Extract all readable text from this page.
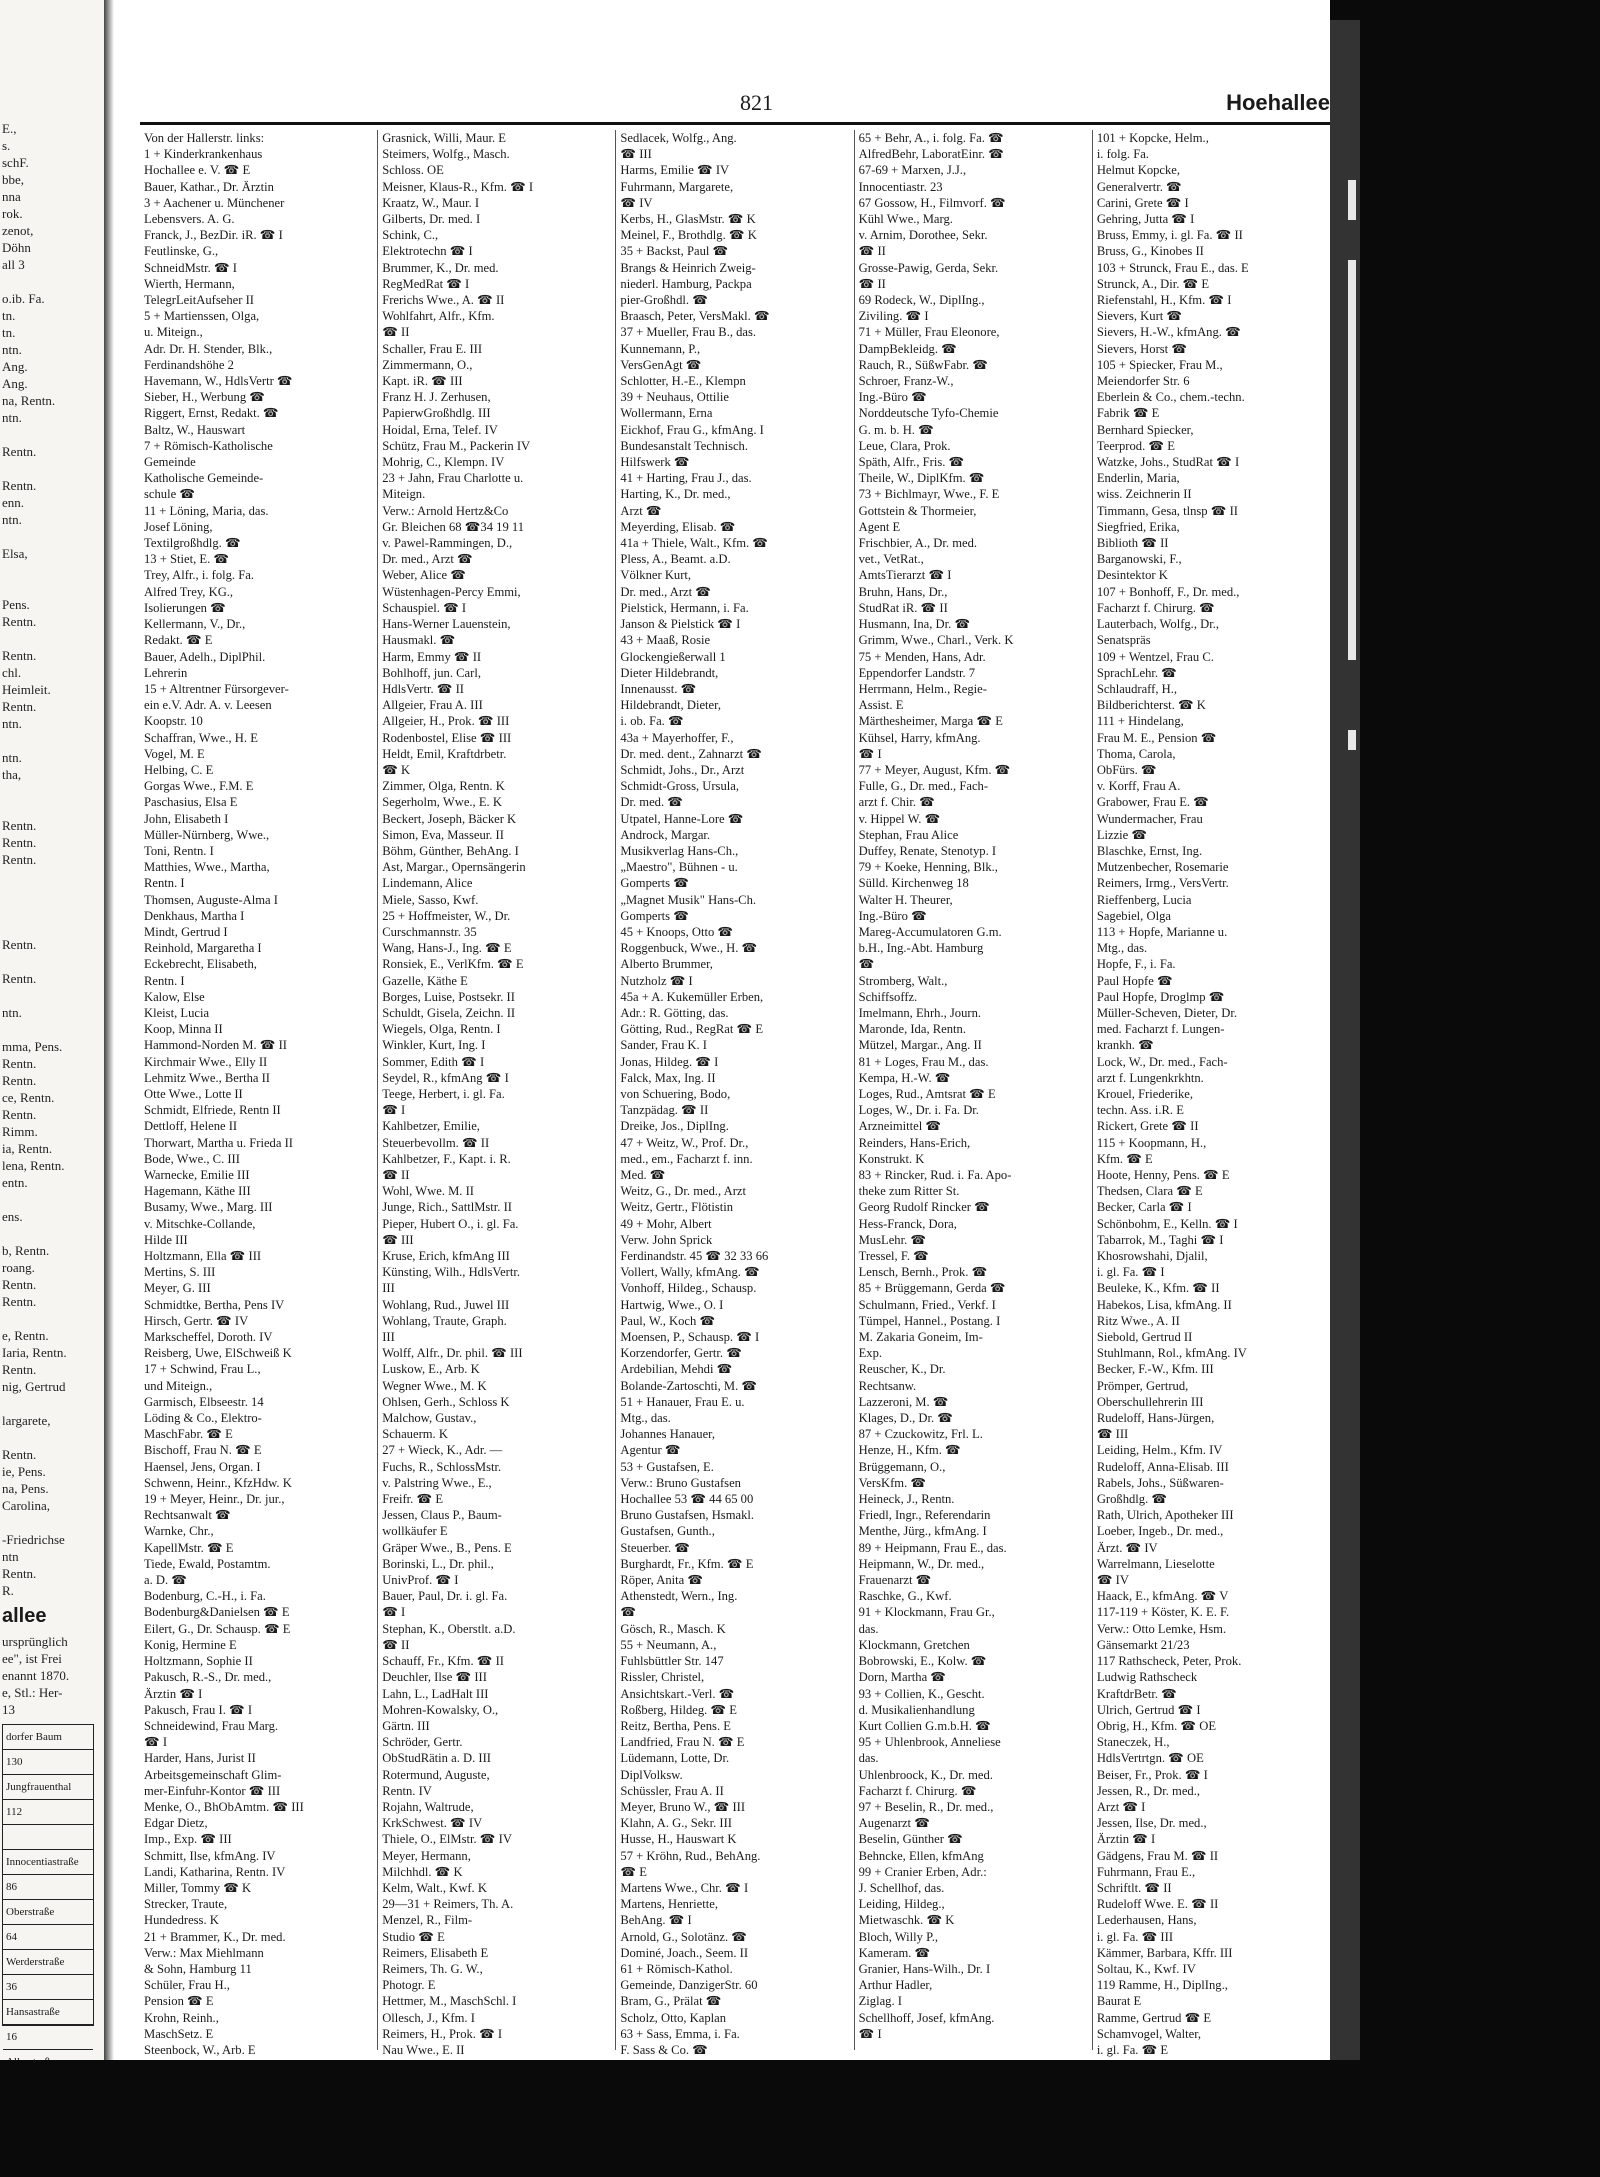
E.,
s.
schF.
bbe,
nna
rok.
zenot,
Döhn
all 3

o.ib. Fa.
tn.
tn.
ntn.
Ang.
Ang.
na, Rentn.
ntn.

Rentn.

Rentn.
enn.
ntn.

Elsa,

Pens.
Rentn.

Rentn.
chl.
Heimleit.
Rentn.
ntn.

ntn.
tha,

Rentn.
Rentn.
Rentn.

Rentn.

Rentn.

ntn.

mma, Pens.
Rentn.
Rentn.
ce, Rentn.
Rentn.
Rimm.
ia, Rentn.
lena, Rentn.
entn.

ens.

b, Rentn.
roang.
Rentn.
Rentn.

e, Rentn.
Iaria, Rentn.
Rentn.
nig, Gertrud

largarete,

Rentn.
ie, Pens.
na, Pens.
Carolina,

-Friedrichse
ntn
Rentn.
R.
allee
ursprünglich
ee", ist Frei
enannt 1870.
e, Stl.: Her-
13
dorfer Baum
130
Jungfrauenthal
112
Innocentiastraße
86
Oberstraße
64
Werderstraße
36
Hansastraße
16
821	Hoehallee
Von der Hallerstr. links:
1 + Kinderkrankenhaus
Hochallee e. V. ☎ E
Bauer, Kathar., Dr. Ärztin
3 + Aachener u. Münchener
Lebensvers. A. G.
Franck, J., BezDir. iR. ☎ I
Feutlinske, G.,
SchneidMstr. ☎ I
Wierth, Hermann,
TelegrLeitAufseher II
5 + Martienssen, Olga,
u. Miteign.,
Adr. Dr. H. Stender, Blk.,
Ferdinandshöhe 2
Havemann, W., HdlsVertr ☎
Sieber, H., Werbung ☎
Riggert, Ernst, Redakt. ☎
Baltz, W., Hauswart
7 + Römisch-Katholische
Gemeinde
Katholische Gemeinde-
schule ☎
11 + Löning, Maria, das.
Josef Löning,
Textilgroßhdlg. ☎
13 + Stiet, E. ☎
Trey, Alfr., i. folg. Fa.
Alfred Trey, KG.,
Isolierungen ☎
Kellermann, V., Dr.,
Redakt. ☎ E
Bauer, Adelh., DiplPhil.
Lehrerin
15 + Altrentner Fürsorgever-
ein e.V. Adr. A. v. Leesen
Koopstr. 10
Schaffran, Wwe., H. E
Vogel, M. E
Helbing, C. E
Gorgas Wwe., F.M. E
Paschasius, Elsa E
John, Elisabeth I
Müller-Nürnberg, Wwe.,
Toni, Rentn. I
Matthies, Wwe., Martha,
Rentn. I
Thomsen, Auguste-Alma I
Denkhaus, Martha I
Mindt, Gertrud I
Reinhold, Margaretha I
Eckebrecht, Elisabeth,
Rentn. I
Kalow, Else
Kleist, Lucia
Koop, Minna II
Hammond-Norden M. ☎ II
Kirchmair Wwe., Elly II
Lehmitz Wwe., Bertha II
Otte Wwe., Lotte II
Schmidt, Elfriede, Rentn II
Dettloff, Helene II
Thorwart, Martha u. Frieda II
Bode, Wwe., C. III
Warnecke, Emilie III
Hagemann, Käthe III
Busamy, Wwe., Marg. III
v. Mitschke-Collande,
Hilde III
Holtzmann, Ella ☎ III
Mertins, S. III
Meyer, G. III
Schmidtke, Bertha, Pens IV
Hirsch, Gertr. ☎ IV
Markscheffel, Doroth. IV
Reisberg, Uwe, ElSchweiß K
17 + Schwind, Frau L.,
und Miteign.,
Garmisch, Elbseestr. 14
Löding & Co., Elektro-
MaschFabr. ☎ E
Bischoff, Frau N. ☎ E
Haensel, Jens, Organ. I
Schwenn, Heinr., KfzHdw. K
19 + Meyer, Heinr., Dr. jur.,
Rechtsanwalt ☎
Warnke, Chr.,
KapellMstr. ☎ E
Tiede, Ewald, Postamtm.
a. D. ☎
Bodenburg, C.-H., i. Fa.
Bodenburg&Danielsen ☎ E
Eilert, G., Dr. Schausp. ☎ E
Konig, Hermine E
Holtzmann, Sophie II
Pakusch, R.-S., Dr. med.,
Ärztin ☎ I
Pakusch, Frau I. ☎ I
Schneidewind, Frau Marg.
☎ I
Harder, Hans, Jurist II
Arbeitsgemeinschaft Glim-
mer-Einfuhr-Kontor ☎ III
Menke, O., BhObAmtm. ☎ III
Edgar Dietz,
Imp., Exp. ☎ III
Schmitt, Ilse, kfmAng. IV
Landi, Katharina, Rentn. IV
Miller, Tommy ☎ K
Strecker, Traute,
Hundedress. K
21 + Brammer, K., Dr. med.
Verw.: Max Miehlmann
& Sohn, Hamburg 11
Schüler, Frau H.,
Pension ☎ E
Krohn, Reinh.,
MaschSetz. E
Steenbock, W., Arb. E
Grasnick, Willi, Maur. E
Steimers, Wolfg., Masch.
Schloss. OE
Meisner, Klaus-R., Kfm. ☎ I
Kraatz, W., Maur. I
Gilberts, Dr. med. I
Schink, C.,
Elektrotechn ☎ I
Brummer, K., Dr. med.
RegMedRat ☎ I
Frerichs Wwe., A. ☎ II
Wohlfahrt, Alfr., Kfm.
☎ II
Schaller, Frau E. III
Zimmermann, O.,
Kapt. iR. ☎ III
Franz H. J. Zerhusen,
PapierwGroßhdlg. III
Hoidal, Erna, Telef. IV
Schütz, Frau M., Packerin IV
Mohrig, C., Klempn. IV
23 + Jahn, Frau Charlotte u.
Miteign.
Verw.: Arnold Hertz&Co
Gr. Bleichen 68 ☎34 19 11
v. Pawel-Rammingen, D.,
Dr. med., Arzt ☎
Weber, Alice ☎
Wüstenhagen-Percy Emmi,
Schauspiel. ☎ I
Hans-Werner Lauenstein,
Hausmakl. ☎
Harm, Emmy ☎ II
Bohlhoff, jun. Carl,
HdlsVertr. ☎ II
Allgeier, Frau A. III
Allgeier, H., Prok. ☎ III
Rodenbostel, Elise ☎ III
Heldt, Emil, Kraftdrbetr.
☎ K
Zimmer, Olga, Rentn. K
Segerholm, Wwe., E. K
Beckert, Joseph, Bäcker K
Simon, Eva, Masseur. II
Böhm, Günther, BehAng. I
Ast, Margar., Opernsängerin
Lindemann, Alice
Miele, Sasso, Kwf.
25 + Hoffmeister, W., Dr.
Curschmannstr. 35
Wang, Hans-J., Ing. ☎ E
Ronsiek, E., VerlKfm. ☎ E
Gazelle, Käthe E
Borges, Luise, Postsekr. II
Schuldt, Gisela, Zeichn. II
Wiegels, Olga, Rentn. I
Winkler, Kurt, Ing. I
Sommer, Edith ☎ I
Seydel, R., kfmAng ☎ I
Teege, Herbert, i. gl. Fa.
☎ I
Kahlbetzer, Emilie,
Steuerbevollm. ☎ II
Kahlbetzer, F., Kapt. i. R.
☎ II
Wohl, Wwe. M. II
Junge, Rich., SattlMstr. II
Pieper, Hubert O., i. gl. Fa.
☎ III
Kruse, Erich, kfmAng III
Künsting, Wilh., HdlsVertr.
III
Wohlang, Rud., Juwel III
Wohlang, Traute, Graph.
III
Wolff, Alfr., Dr. phil. ☎ III
Luskow, E., Arb. K
Wegner Wwe., M. K
Ohlsen, Gerh., Schloss K
Malchow, Gustav.,
Schauerm. K
27 + Wieck, K., Adr. —
Fuchs, R., SchlossMstr.
v. Palstring Wwe., E.,
Freifr. ☎ E
Jessen, Claus P., Baum-
wollkäufer E
Gräper Wwe., B., Pens. E
Borinski, L., Dr. phil.,
UnivProf. ☎ I
Bauer, Paul, Dr. i. gl. Fa.
☎ I
Stephan, K., Oberstlt. a.D.
☎ II
Schauff, Fr., Kfm. ☎ II
Deuchler, Ilse ☎ III
Lahn, L., LadHalt III
Mohren-Kowalsky, O.,
Gärtn. III
Schröder, Gertr.
ObStudRätin a. D. III
Rotermund, Auguste,
Rentn. IV
Rojahn, Waltrude,
KrkSchwest. ☎ IV
Thiele, O., ElMstr. ☎ IV
Meyer, Hermann,
Milchhdl. ☎ K
Kelm, Walt., Kwf. K
29—31 + Reimers, Th. A.
Menzel, R., Film-
Studio ☎ E
Reimers, Elisabeth E
Reimers, Th. G. W.,
Photogr. E
Hettmer, M., MaschSchl. I
Ollesch, J., Kfm. I
Reimers, H., Prok. ☎ I
Nau Wwe., E. II
Sedlacek, Wolfg., Ang.
☎ III
Harms, Emilie ☎ IV
Fuhrmann, Margarete,
☎ IV
Kerbs, H., GlasMstr. ☎ K
Meinel, F., Brothdlg. ☎ K
35 + Backst, Paul ☎
Brangs & Heinrich Zweig-
niederl. Hamburg, Packpa
pier-Großhdl. ☎
Braasch, Peter, VersMakl. ☎
37 + Mueller, Frau B., das.
Kunnemann, P.,
VersGenAgt ☎
Schlotter, H.-E., Klempn
39 + Neuhaus, Ottilie
Wollermann, Erna
Eickhof, Frau G., kfmAng. I
Bundesanstalt Technisch.
Hilfswerk ☎
41 + Harting, Frau J., das.
Harting, K., Dr. med.,
Arzt ☎
Meyerding, Elisab. ☎
41a + Thiele, Walt., Kfm. ☎
Pless, A., Beamt. a.D.
Völkner Kurt,
Dr. med., Arzt ☎
Pielstick, Hermann, i. Fa.
Janson & Pielstick ☎ I
43 + Maaß, Rosie
Glockengießerwall 1
Dieter Hildebrandt,
Innenausst. ☎
Hildebrandt, Dieter,
i. ob. Fa. ☎
43a + Mayerhoffer, F.,
Dr. med. dent., Zahnarzt ☎
Schmidt, Johs., Dr., Arzt
Schmidt-Gross, Ursula,
Dr. med. ☎
Utpatel, Hanne-Lore ☎
Androck, Margar.
Musikverlag Hans-Ch.,
„Maestro", Bühnen - u.
Gomperts ☎
„Magnet Musik" Hans-Ch.
Gomperts ☎
45 + Knoops, Otto ☎
Roggenbuck, Wwe., H. ☎
Alberto Brummer,
Nutzholz ☎ I
45a + A. Kukemüller Erben,
Adr.: R. Götting, das.
Götting, Rud., RegRat ☎ E
Sander, Frau K. I
Jonas, Hildeg. ☎ I
Falck, Max, Ing. II
von Schuering, Bodo,
Tanzpädag. ☎ II
Dreike, Jos., DiplIng.
47 + Weitz, W., Prof. Dr.,
med., em., Facharzt f. inn.
Med. ☎
Weitz, G., Dr. med., Arzt
Weitz, Gertr., Flötistin
49 + Mohr, Albert
Verw. John Sprick
Ferdinandstr. 45 ☎ 32 33 66
Vollert, Wally, kfmAng. ☎
Vonhoff, Hildeg., Schausp.
Hartwig, Wwe., O. I
Paul, W., Koch ☎
Moensen, P., Schausp. ☎ I
Korzendorfer, Gertr. ☎
Ardebilian, Mehdi ☎
Bolande-Zartoschti, M. ☎
51 + Hanauer, Frau E. u.
Mtg., das.
Johannes Hanauer,
Agentur ☎
53 + Gustafsen, E.
Verw.: Bruno Gustafsen
Hochallee 53 ☎ 44 65 00
Bruno Gustafsen, Hsmakl.
Gustafsen, Gunth.,
Steuerber. ☎
Burghardt, Fr., Kfm. ☎ E
Röper, Anita ☎
Athenstedt, Wern., Ing.
☎
Gösch, R., Masch. K
55 + Neumann, A.,
Fuhlsbüttler Str. 147
Rissler, Christel,
Ansichtskart.-Verl. ☎
Roßberg, Hildeg. ☎ E
Reitz, Bertha, Pens. E
Landfried, Frau N. ☎ E
Lüdemann, Lotte, Dr.
DiplVolksw.
Schüssler, Frau A. II
Meyer, Bruno W., ☎ III
Klahn, A. G., Sekr. III
Husse, H., Hauswart K
57 + Kröhn, Rud., BehAng.
☎ E
Martens Wwe., Chr. ☎ I
Martens, Henriette,
BehAng. ☎ I
Arnold, G., Solotänz. ☎
Dominé, Joach., Seem. II
61 + Römisch-Kathol.
Gemeinde, DanzigerStr. 60
Bram, G., Prälat ☎
Scholz, Otto, Kaplan
63 + Sass, Emma, i. Fa.
F. Sass & Co. ☎
65 + Behr, A., i. folg. Fa. ☎
AlfredBehr, LaboratEinr. ☎
67-69 + Marxen, J.J.,
Innocentiastr. 23
67 Gossow, H., Filmvorf. ☎
Kühl Wwe., Marg.
v. Arnim, Dorothee, Sekr.
☎ II
Grosse-Pawig, Gerda, Sekr.
☎ II
69 Rodeck, W., DiplIng.,
Ziviling. ☎ I
71 + Müller, Frau Eleonore,
DampBekleidg. ☎
Rauch, R., SüßwFabr. ☎
Schroer, Franz-W.,
Ing.-Büro ☎
Norddeutsche Tyfo-Chemie
G. m. b. H. ☎
Leue, Clara, Prok.
Späth, Alfr., Fris. ☎
Theile, W., DiplKfm. ☎
73 + Bichlmayr, Wwe., F. E
Gottstein & Thormeier,
Agent E
Frischbier, A., Dr. med.
vet., VetRat.,
AmtsTierarzt ☎ I
Bruhn, Hans, Dr.,
StudRat iR. ☎ II
Husmann, Ina, Dr. ☎
Grimm, Wwe., Charl., Verk. K
75 + Menden, Hans, Adr.
Eppendorfer Landstr. 7
Herrmann, Helm., Regie-
Assist. E
Märthesheimer, Marga ☎ E
Kühsel, Harry, kfmAng.
☎ I
77 + Meyer, August, Kfm. ☎
Fulle, G., Dr. med., Fach-
arzt f. Chir. ☎
v. Hippel W. ☎
Stephan, Frau Alice
Duffey, Renate, Stenotyp. I
79 + Koeke, Henning, Blk.,
Sülld. Kirchenweg 18
Walter H. Theurer,
Ing.-Büro ☎
Mareg-Accumulatoren G.m.
b.H., Ing.-Abt. Hamburg
☎
Stromberg, Walt.,
Schiffsoffz.
Imelmann, Ehrh., Journ.
Maronde, Ida, Rentn.
Mützel, Margar., Ang. II
81 + Loges, Frau M., das.
Kempa, H.-W. ☎
Loges, Rud., Amtsrat ☎ E
Loges, W., Dr. i. Fa. Dr.
Arzneimittel ☎
Reinders, Hans-Erich,
Konstrukt. K
83 + Rincker, Rud. i. Fa. Apo-
theke zum Ritter St.
Georg Rudolf Rincker ☎
Hess-Franck, Dora,
MusLehr. ☎
Tressel, F. ☎
Lensch, Bernh., Prok. ☎
85 + Brüggemann, Gerda ☎
Schulmann, Fried., Verkf. I
Tümpel, Hannel., Postang. I
M. Zakaria Goneim, Im-
Exp.
Reuscher, K., Dr.
Rechtsanw.
Lazzeroni, M. ☎
Klages, D., Dr. ☎
87 + Czuckowitz, Frl. L.
Henze, H., Kfm. ☎
Brüggemann, O.,
VersKfm. ☎
Heineck, J., Rentn.
Friedl, Ingr., Referendarin
Menthe, Jürg., kfmAng. I
89 + Heipmann, Frau E., das.
Heipmann, W., Dr. med.,
Frauenarzt ☎
Raschke, G., Kwf.
91 + Klockmann, Frau Gr.,
das.
Klockmann, Gretchen
Bobrowski, E., Kolw. ☎
Dorn, Martha ☎
93 + Collien, K., Gescht.
d. Musikalienhandlung
Kurt Collien G.m.b.H. ☎
95 + Uhlenbrook, Anneliese
das.
Uhlenbroock, K., Dr. med.
Facharzt f. Chirurg. ☎
97 + Beselin, R., Dr. med.,
Augenarzt ☎
Beselin, Günther ☎
Behncke, Ellen, kfmAng
99 + Cranier Erben, Adr.:
J. Schellhof, das.
Leiding, Hildeg.,
Mietwaschk. ☎ K
Bloch, Willy P.,
Kameram. ☎
Granier, Hans-Wilh., Dr. I
Arthur Hadler,
Ziglag. I
Schellhoff, Josef, kfmAng.
☎ I
101 + Kopcke, Helm.,
i. folg. Fa.
Helmut Kopcke,
Generalvertr. ☎
Carini, Grete ☎ I
Gehring, Jutta ☎ I
Bruss, Emmy, i. gl. Fa. ☎ II
Bruss, G., Kinobes II
103 + Strunck, Frau E., das. E
Strunck, A., Dir. ☎ E
Riefenstahl, H., Kfm. ☎ I
Sievers, Kurt ☎
Sievers, H.-W., kfmAng. ☎
Sievers, Horst ☎
105 + Spiecker, Frau M.,
Meiendorfer Str. 6
Eberlein & Co., chem.-techn.
Fabrik ☎ E
Bernhard Spiecker,
Teerprod. ☎ E
Watzke, Johs., StudRat ☎ I
Enderlin, Maria,
wiss. Zeichnerin II
Timmann, Gesa, tlnsp ☎ II
Siegfried, Erika,
Biblioth ☎ II
Barganowski, F.,
Desintektor K
107 + Bonhoff, F., Dr. med.,
Facharzt f. Chirurg. ☎
Lauterbach, Wolfg., Dr.,
Senatspräs
109 + Wentzel, Frau C.
SprachLehr. ☎
Schlaudraff, H.,
Bildberichterst. ☎ K
111 + Hindelang,
Frau M. E., Pension ☎
Thoma, Carola,
ObFürs. ☎
v. Korff, Frau A.
Grabower, Frau E. ☎
Wundermacher, Frau
Lizzie ☎
Blaschke, Ernst, Ing.
Mutzenbecher, Rosemarie
Reimers, Irmg., VersVertr.
Rieffenberg, Lucia
Sagebiel, Olga
113 + Hopfe, Marianne u.
Mtg., das.
Hopfe, F., i. Fa.
Paul Hopfe ☎
Paul Hopfe, Droglmp ☎
Müller-Scheven, Dieter, Dr.
med. Facharzt f. Lungen-
krankh. ☎
Lock, W., Dr. med., Fach-
arzt f. Lungenkrkhtn.
Krouel, Friederike,
techn. Ass. i.R. E
Rickert, Grete ☎ II
115 + Koopmann, H.,
Kfm. ☎ E
Hoote, Henny, Pens. ☎ E
Thedsen, Clara ☎ E
Becker, Carla ☎ I
Schönbohm, E., Kelln. ☎ I
Tabarrok, M., Taghi ☎ I
Khosrowshahi, Djalil,
i. gl. Fa. ☎ I
Beuleke, K., Kfm. ☎ II
Habekos, Lisa, kfmAng. II
Ritz Wwe., A. II
Siebold, Gertrud II
Stuhlmann, Rol., kfmAng. IV
Becker, F.-W., Kfm. III
Prömper, Gertrud,
Oberschullehrerin III
Rudeloff, Hans-Jürgen,
☎ III
Leiding, Helm., Kfm. IV
Rudeloff, Anna-Elisab. III
Rabels, Johs., Süßwaren-
Großhdlg. ☎
Rath, Ulrich, Apotheker III
Loeber, Ingeb., Dr. med.,
Ärzt. ☎ IV
Warrelmann, Lieselotte
☎ IV
Haack, E., kfmAng. ☎ V
117-119 + Köster, K. E. F.
Verw.: Otto Lemke, Hsm.
Gänsemarkt 21/23
117 Rathscheck, Peter, Prok.
Ludwig Rathscheck
KraftdrBetr. ☎
Ulrich, Gertrud ☎ I
Obrig, H., Kfm. ☎ OE
Staneczek, H.,
HdlsVertrtgn. ☎ OE
Beiser, Fr., Prok. ☎ I
Jessen, R., Dr. med.,
Arzt ☎ I
Jessen, Ilse, Dr. med.,
Ärztin ☎ I
Gädgens, Frau M. ☎ II
Fuhrmann, Frau E.,
Schriftlt. ☎ II
Rudeloff Wwe. E. ☎ II
Lederhausen, Hans,
i. gl. Fa. ☎ III
Kämmer, Barbara, Kffr. III
Soltau, K., Kwf. IV
119 Ramme, H., DiplIng.,
Baurat E
Ramme, Gertrud ☎ E
Schamvogel, Walter,
i. gl. Fa. ☎ E
